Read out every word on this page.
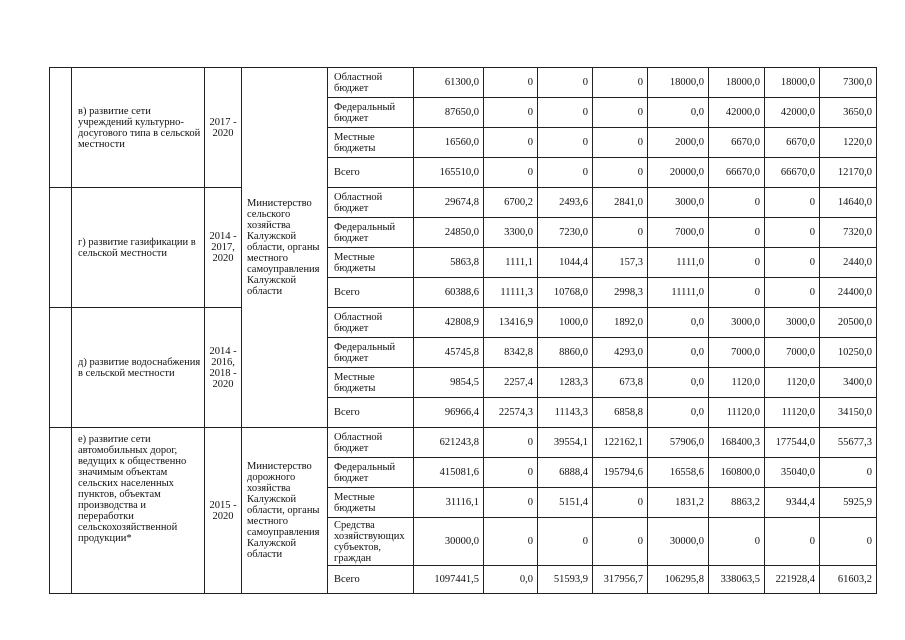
	в) развитие сети учреждений культурно-досугового типа в сельской местности	2017 - 2020	Министерство сельского хозяйства Калужской области, органы местного самоуправления Калужской области	Областной бюджет	61300,0	0	0	0	18000,0	18000,0	18000,0	7300,0
				Федеральный бюджет	87650,0	0	0	0	0,0	42000,0	42000,0	3650,0
				Местные бюджеты	16560,0	0	0	0	2000,0	6670,0	6670,0	1220,0
				Всего	165510,0	0	0	0	20000,0	66670,0	66670,0	12170,0
	г) развитие газификации в сельской местности	2014 - 2017, 2020		Областной бюджет	29674,8	6700,2	2493,6	2841,0	3000,0	0	0	14640,0
				Федеральный бюджет	24850,0	3300,0	7230,0	0	7000,0	0	0	7320,0
				Местные бюджеты	5863,8	1111,1	1044,4	157,3	1111,0	0	0	2440,0
				Всего	60388,6	11111,3	10768,0	2998,3	11111,0	0	0	24400,0
	д) развитие водоснабжения в сельской местности	2014 - 2016, 2018 - 2020		Областной бюджет	42808,9	13416,9	1000,0	1892,0	0,0	3000,0	3000,0	20500,0
				Федеральный бюджет	45745,8	8342,8	8860,0	4293,0	0,0	7000,0	7000,0	10250,0
				Местные бюджеты	9854,5	2257,4	1283,3	673,8	0,0	1120,0	1120,0	3400,0
				Всего	96966,4	22574,3	11143,3	6858,8	0,0	11120,0	11120,0	34150,0
	е) развитие сети автомобильных дорог, ведущих к общественно значимым объектам сельских населенных пунктов, объектам производства и переработки сельскохозяйственной продукции*	2015 - 2020	Министерство дорожного хозяйства Калужской области, органы местного самоуправления Калужской области	Областной бюджет	621243,8	0	39554,1	122162,1	57906,0	168400,3	177544,0	55677,3
				Федеральный бюджет	415081,6	0	6888,4	195794,6	16558,6	160800,0	35040,0	0
				Местные бюджеты	31116,1	0	5151,4	0	1831,2	8863,2	9344,4	5925,9
				Средства хозяйствующих субъектов, граждан	30000,0	0	0	0	30000,0	0	0	0
				Всего	1097441,5	0,0	51593,9	317956,7	106295,8	338063,5	221928,4	61603,2
